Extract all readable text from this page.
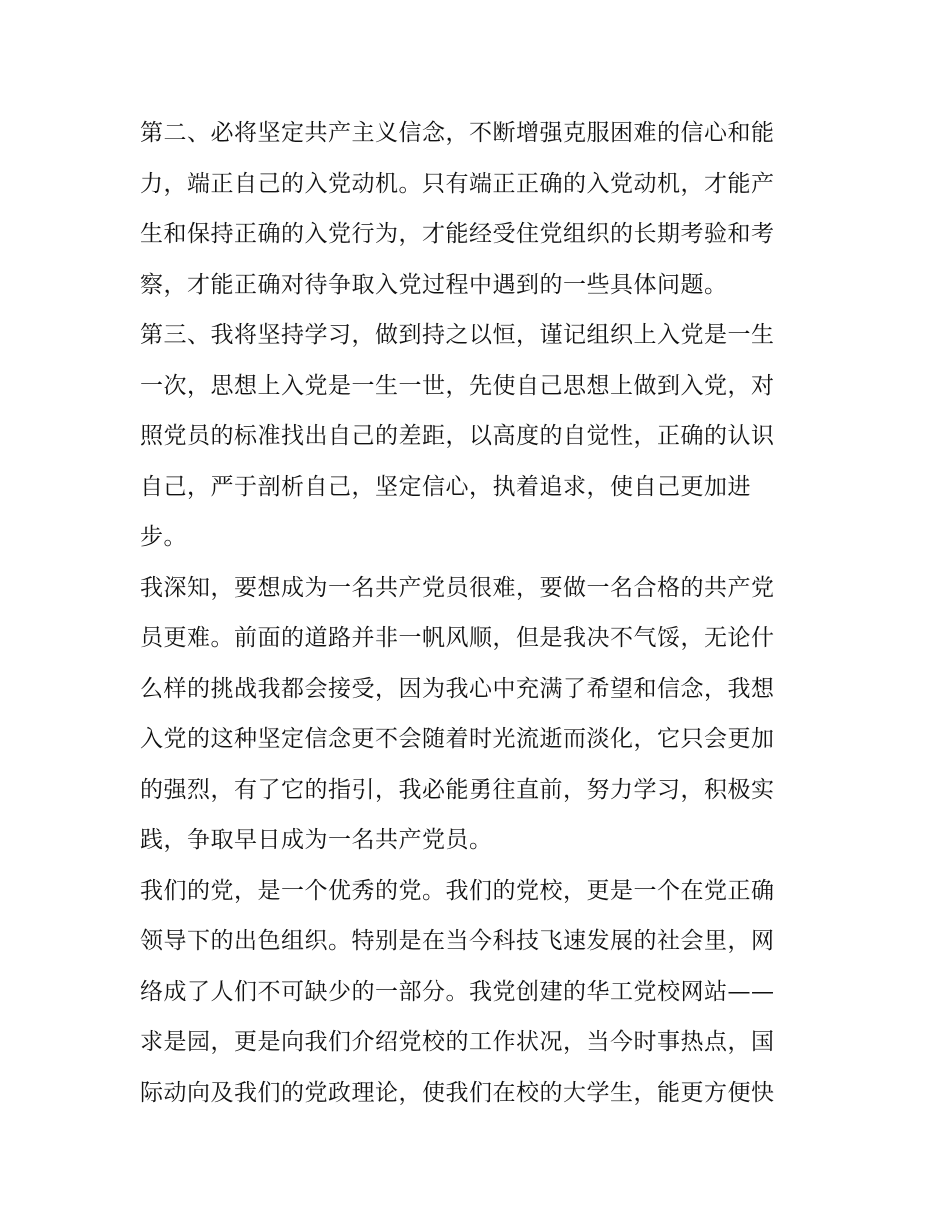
第二、必将坚定共产主义信念，不断增强克服困难的信心和能
力，端正自己的入党动机。只有端正正确的入党动机，才能产
生和保持正确的入党行为，才能经受住党组织的长期考验和考
察，才能正确对待争取入党过程中遇到的一些具体问题。
第三、我将坚持学习，做到持之以恒，谨记组织上入党是一生
一次，思想上入党是一生一世，先使自己思想上做到入党，对
照党员的标准找出自己的差距，以高度的自觉性，正确的认识
自己，严于剖析自己，坚定信心，执着追求，使自己更加进
步。
我深知，要想成为一名共产党员很难，要做一名合格的共产党
员更难。前面的道路并非一帆风顺，但是我决不气馁，无论什
么样的挑战我都会接受，因为我心中充满了希望和信念，我想
入党的这种坚定信念更不会随着时光流逝而淡化，它只会更加
的强烈，有了它的指引，我必能勇往直前，努力学习，积极实
践，争取早日成为一名共产党员。
我们的党，是一个优秀的党。我们的党校，更是一个在党正确
领导下的出色组织。特别是在当今科技飞速发展的社会里，网
络成了人们不可缺少的一部分。我党创建的华工党校网站——
求是园，更是向我们介绍党校的工作状况，当今时事热点，国
际动向及我们的党政理论，使我们在校的大学生，能更方便快
